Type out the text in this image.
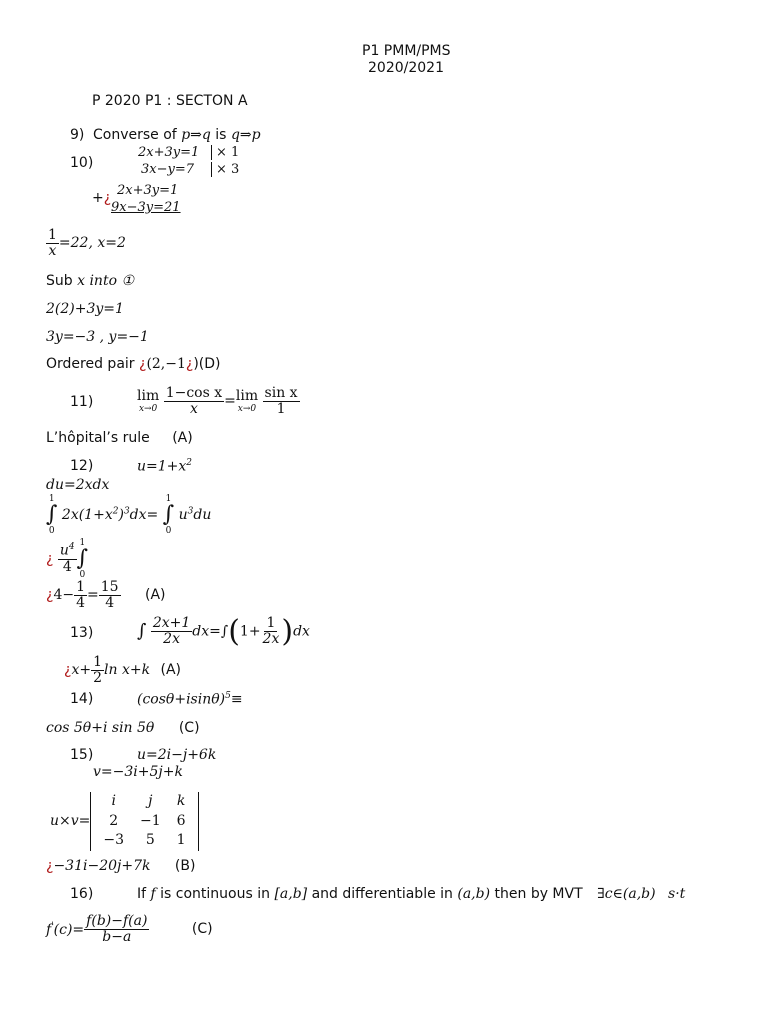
P1 PMM/PMS
2020/2021
P 2020 P1 : SECTON A
9) Converse of p⇒q is q⇒p
10)
2x+3y=1	× 1
3x−y=7	× 3
+¿ 2x+3y=1
9x−3y=21
$\frac{1}{x} =22$, x=2
Sub x into ①
2(2)+3y=1
3y=−3 , y=−1
Ordered pair ¿(2,−1¿)(D)
11)	lim
x→0
$\frac{\text{1−cos x}}{x} = \lim$
x→0
$\frac{\text{sin x}}{1}$
L’hôpital’s rule (A)
12)	$u=1+x^2$
du=2xdx
1
∫
0
$2x(1+x^2)^3dx=$
1
∫
0
$u^3du$
¿ $\frac{u^4}{4}$
1
∫
0
¿$4- \frac{1}{4} = \frac{15}{4} (A)$
13) ∫ $\frac{2x+1}{2x} dx=\int(1+ \frac{1}{2x} )dx$
¿$x+ \frac{1}{2}$ ln x+k (A)
14)	$(\cos\theta+isin\theta)^5\equiv$
cos 5θ+i sin 5θ (C)
15)	u=2i−j+6k
v=−3i+5j+k
u×v=
i	j	k
2	−1	6
−3	5	1
¿−31i−20j+7k (B)
16)	If f is continuous in [a,b] and differentiable in (a,b) then by MVT ∃c∈(a,b) s·t
$f'(c)= \frac{f(b)-f(a)}{b-a}$	(C)
